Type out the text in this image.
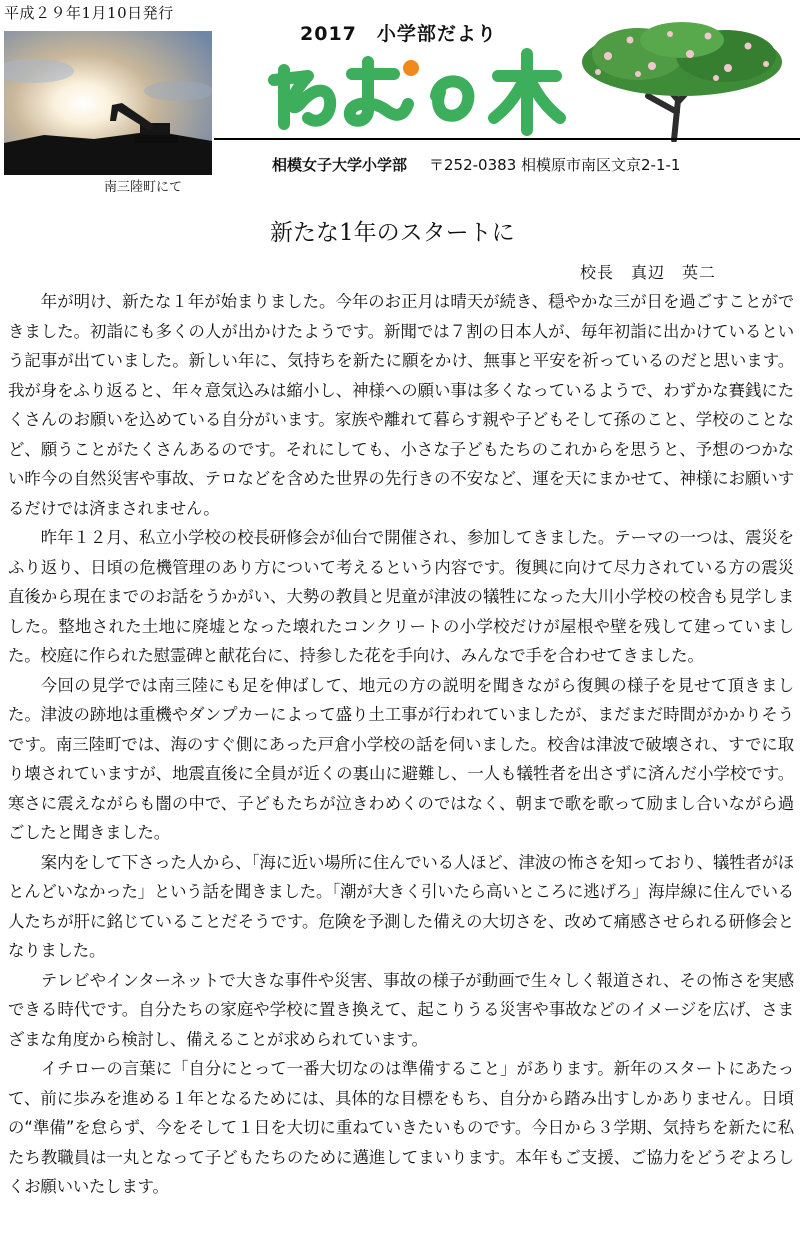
平成２９年1月10日発行
南三陸町にて
2017　小学部だより
相模女子大学小学部 〒252-0383 相模原市南区文京2-1-1
新たな1年のスタートに
校長　真辺　英二

年が明け、新たな１年が始まりました。今年のお正月は晴天が続き、穏やかな三が日を過ごすことができました。初詣にも多くの人が出かけたようです。新聞では７割の日本人が、毎年初詣に出かけているという記事が出ていました。新しい年に、気持ちを新たに願をかけ、無事と平安を祈っているのだと思います。我が身をふり返ると、年々意気込みは縮小し、神様への願い事は多くなっているようで、わずかな賽銭にたくさんのお願いを込めている自分がいます。家族や離れて暮らす親や子どもそして孫のこと、学校のことなど、願うことがたくさんあるのです。それにしても、小さな子どもたちのこれからを思うと、予想のつかない昨今の自然災害や事故、テロなどを含めた世界の先行きの不安など、運を天にまかせて、神様にお願いするだけでは済まされません。

昨年１２月、私立小学校の校長研修会が仙台で開催され、参加してきました。テーマの一つは、震災をふり返り、日頃の危機管理のあり方について考えるという内容です。復興に向けて尽力されている方の震災直後から現在までのお話をうかがい、大勢の教員と児童が津波の犠牲になった大川小学校の校舎も見学しました。整地された土地に廃墟となった壊れたコンクリートの小学校だけが屋根や壁を残して建っていました。校庭に作られた慰霊碑と献花台に、持参した花を手向け、みんなで手を合わせてきました。

今回の見学では南三陸にも足を伸ばして、地元の方の説明を聞きながら復興の様子を見せて頂きました。津波の跡地は重機やダンプカーによって盛り土工事が行われていましたが、まだまだ時間がかかりそうです。南三陸町では、海のすぐ側にあった戸倉小学校の話を伺いました。校舎は津波で破壊され、すでに取り壊されていますが、地震直後に全員が近くの裏山に避難し、一人も犠牲者を出さずに済んだ小学校です。寒さに震えながらも闇の中で、子どもたちが泣きわめくのではなく、朝まで歌を歌って励まし合いながら過ごしたと聞きました。

案内をして下さった人から、「海に近い場所に住んでいる人ほど、津波の怖さを知っており、犠牲者がほとんどいなかった」という話を聞きました。「潮が大きく引いたら高いところに逃げろ」海岸線に住んでいる人たちが肝に銘じていることだそうです。危険を予測した備えの大切さを、改めて痛感させられる研修会となりました。

テレビやインターネットで大きな事件や災害、事故の様子が動画で生々しく報道され、その怖さを実感できる時代です。自分たちの家庭や学校に置き換えて、起こりうる災害や事故などのイメージを広げ、さまざまな角度から検討し、備えることが求められています。

イチローの言葉に「自分にとって一番大切なのは準備すること」があります。新年のスタートにあたって、前に歩みを進める１年となるためには、具体的な目標をもち、自分から踏み出すしかありません。日頃の“準備”を怠らず、今をそして１日を大切に重ねていきたいものです。今日から３学期、気持ちを新たに私たち教職員は一丸となって子どもたちのために邁進してまいります。本年もご支援、ご協力をどうぞよろしくお願いいたします。
